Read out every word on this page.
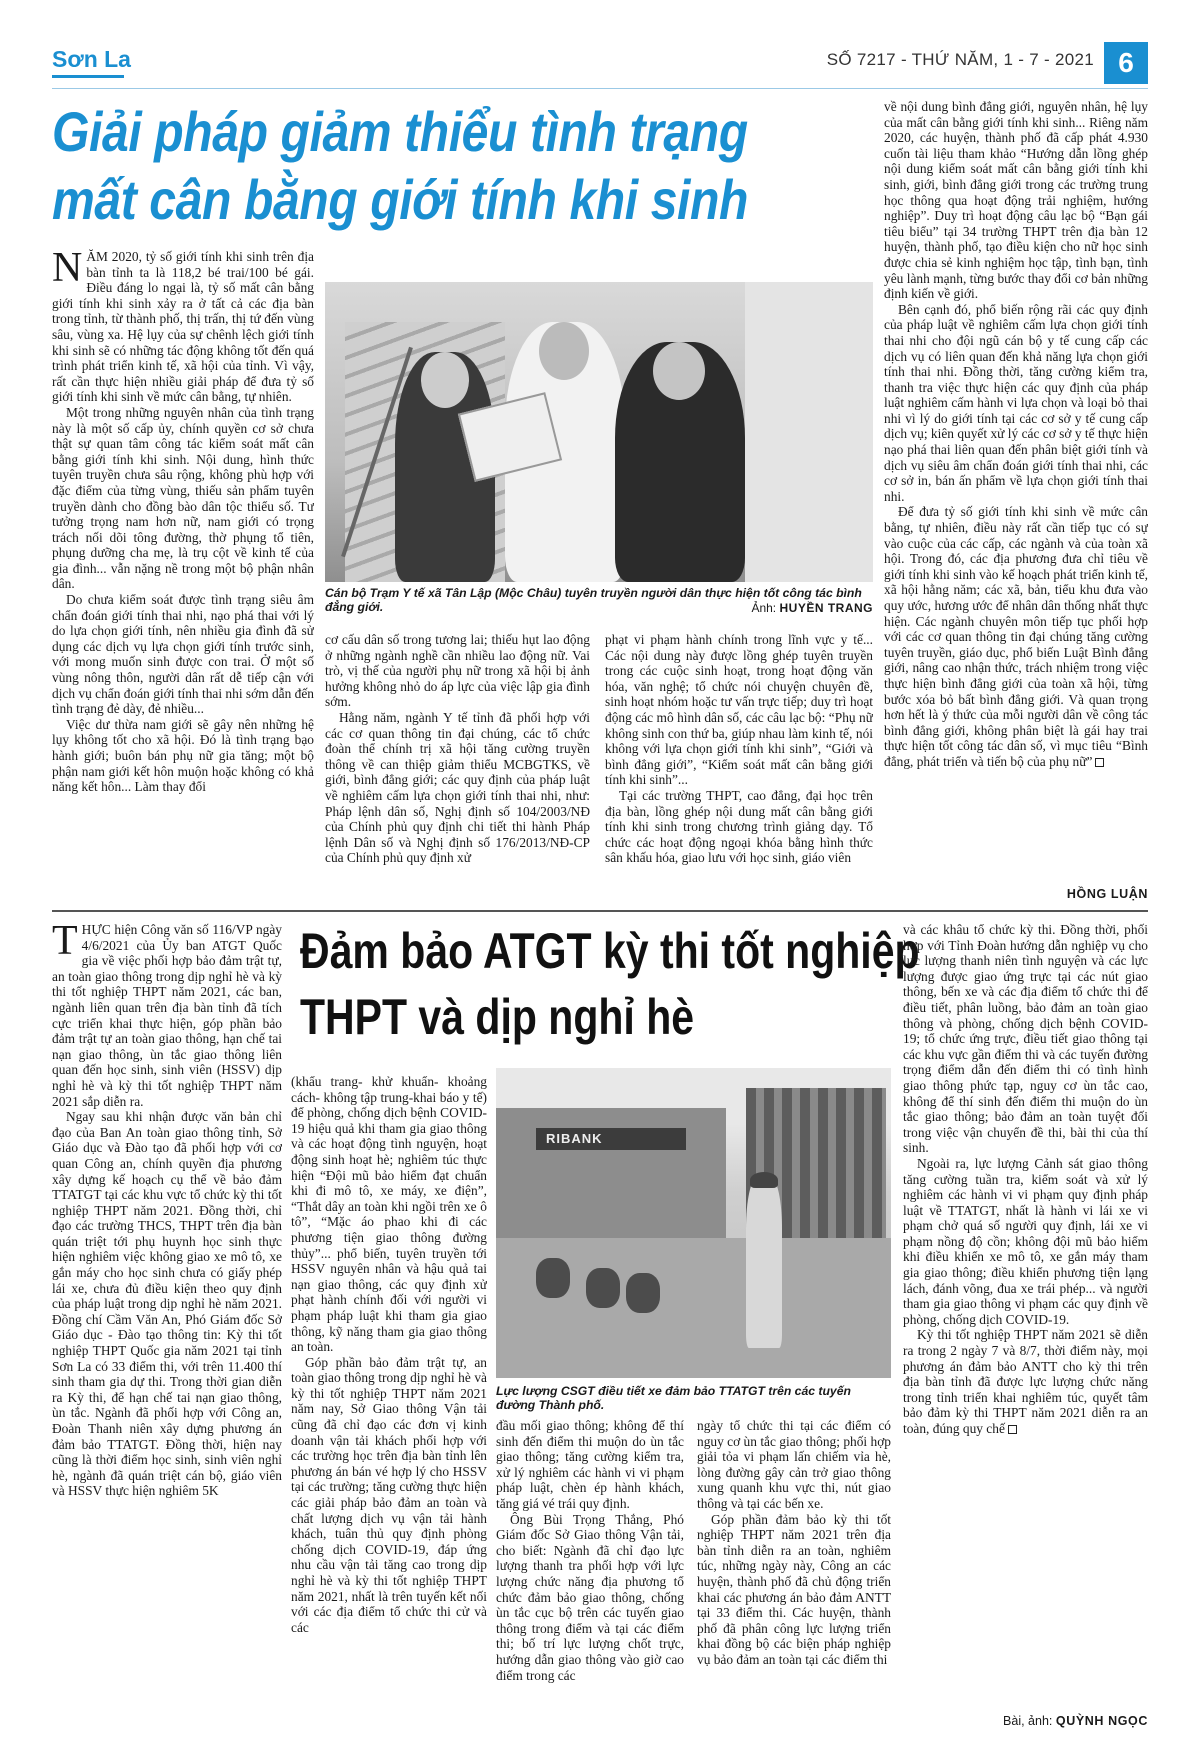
Sơn La	SỐ 7217 - THỨ NĂM, 1 - 7 - 2021 6
Giải pháp giảm thiểu tình trạng
mất cân bằng giới tính khi sinh

NĂM 2020, tỷ số giới tính khi sinh trên địa bàn tỉnh ta là 118,2 bé trai/100 bé gái. Điều đáng lo ngại là, tỷ số mất cân bằng giới tính khi sinh xảy ra ở tất cả các địa bàn trong tỉnh, từ thành phố, thị trấn, thị tứ đến vùng sâu, vùng xa. Hệ lụy của sự chênh lệch giới tính khi sinh sẽ có những tác động không tốt đến quá trình phát triển kinh tế, xã hội của tỉnh. Vì vậy, rất cần thực hiện nhiều giải pháp để đưa tỷ số giới tính khi sinh về mức cân bằng, tự nhiên.

Một trong những nguyên nhân của tình trạng này là một số cấp ủy, chính quyền cơ sở chưa thật sự quan tâm công tác kiểm soát mất cân bằng giới tính khi sinh. Nội dung, hình thức tuyên truyền chưa sâu rộng, không phù hợp với đặc điểm của từng vùng, thiếu sản phẩm tuyên truyền dành cho đồng bào dân tộc thiểu số. Tư tưởng trọng nam hơn nữ, nam giới có trọng trách nối dõi tông đường, thờ phụng tổ tiên, phụng dưỡng cha mẹ, là trụ cột về kinh tế của gia đình... vẫn nặng nề trong một bộ phận nhân dân.

Do chưa kiểm soát được tình trạng siêu âm chẩn đoán giới tính thai nhi, nạo phá thai với lý do lựa chọn giới tính, nên nhiều gia đình đã sử dụng các dịch vụ lựa chọn giới tính trước sinh, với mong muốn sinh được con trai. Ở một số vùng nông thôn, người dân rất dễ tiếp cận với dịch vụ chẩn đoán giới tính thai nhi sớm dẫn đến tình trạng đẻ dày, đẻ nhiều...

Việc dư thừa nam giới sẽ gây nên những hệ lụy không tốt cho xã hội. Đó là tình trạng bạo hành giới; buôn bán phụ nữ gia tăng; một bộ phận nam giới kết hôn muộn hoặc không có khả năng kết hôn... Làm thay đổi

Cán bộ Trạm Y tế xã Tân Lập (Mộc Châu) tuyên truyền người dân thực hiện tốt công tác bình đẳng giới.	Ảnh: HUYỀN TRANG

cơ cấu dân số trong tương lai; thiếu hụt lao động ở những ngành nghề cần nhiều lao động nữ. Vai trò, vị thế của người phụ nữ trong xã hội bị ảnh hưởng không nhỏ do áp lực của việc lập gia đình sớm.

Hằng năm, ngành Y tế tỉnh đã phối hợp với các cơ quan thông tin đại chúng, các tổ chức đoàn thể chính trị xã hội tăng cường truyền thông về can thiệp giảm thiểu MCBGTKS, về giới, bình đẳng giới; các quy định của pháp luật về nghiêm cấm lựa chọn giới tính thai nhi, như: Pháp lệnh dân số, Nghị định số 104/2003/NĐ của Chính phủ quy định chi tiết thi hành Pháp lệnh Dân số và Nghị định số 176/2013/NĐ-CP của Chính phủ quy định xử

phạt vi phạm hành chính trong lĩnh vực y tế... Các nội dung này được lồng ghép tuyên truyền trong các cuộc sinh hoạt, trong hoạt động văn hóa, văn nghệ; tổ chức nói chuyện chuyên đề, sinh hoạt nhóm hoặc tư vấn trực tiếp; duy trì hoạt động các mô hình dân số, các câu lạc bộ: “Phụ nữ không sinh con thứ ba, giúp nhau làm kinh tế, nói không với lựa chọn giới tính khi sinh”, “Giới và bình đẳng giới”, “Kiểm soát mất cân bằng giới tính khi sinh”...

Tại các trường THPT, cao đẳng, đại học trên địa bàn, lồng ghép nội dung mất cân bằng giới tính khi sinh trong chương trình giảng dạy. Tổ chức các hoạt động ngoại khóa bằng hình thức sân khấu hóa, giao lưu với học sinh, giáo viên

về nội dung bình đẳng giới, nguyên nhân, hệ lụy của mất cân bằng giới tính khi sinh... Riêng năm 2020, các huyện, thành phố đã cấp phát 4.930 cuốn tài liệu tham khảo “Hướng dẫn lồng ghép nội dung kiểm soát mất cân bằng giới tính khi sinh, giới, bình đẳng giới trong các trường trung học thông qua hoạt động trải nghiệm, hướng nghiệp”. Duy trì hoạt động câu lạc bộ “Bạn gái tiêu biểu” tại 34 trường THPT trên địa bàn 12 huyện, thành phố, tạo điều kiện cho nữ học sinh được chia sẻ kinh nghiệm học tập, tình bạn, tình yêu lành mạnh, từng bước thay đổi cơ bản những định kiến về giới.

Bên cạnh đó, phổ biến rộng rãi các quy định của pháp luật về nghiêm cấm lựa chọn giới tính thai nhi cho đội ngũ cán bộ y tế cung cấp các dịch vụ có liên quan đến khả năng lựa chọn giới tính thai nhi. Đồng thời, tăng cường kiểm tra, thanh tra việc thực hiện các quy định của pháp luật nghiêm cấm hành vi lựa chọn và loại bỏ thai nhi vì lý do giới tính tại các cơ sở y tế cung cấp dịch vụ; kiên quyết xử lý các cơ sở y tế thực hiện nạo phá thai liên quan đến phân biệt giới tính và dịch vụ siêu âm chẩn đoán giới tính thai nhi, các cơ sở in, bán ấn phẩm về lựa chọn giới tính thai nhi.

Để đưa tỷ số giới tính khi sinh về mức cân bằng, tự nhiên, điều này rất cần tiếp tục có sự vào cuộc của các cấp, các ngành và của toàn xã hội. Trong đó, các địa phương đưa chỉ tiêu về giới tính khi sinh vào kế hoạch phát triển kinh tế, xã hội hằng năm; các xã, bản, tiểu khu đưa vào quy ước, hương ước để nhân dân thống nhất thực hiện. Các ngành chuyên môn tiếp tục phối hợp với các cơ quan thông tin đại chúng tăng cường tuyên truyền, giáo dục, phổ biến Luật Bình đẳng giới, nâng cao nhận thức, trách nhiệm trong việc thực hiện bình đẳng giới của toàn xã hội, từng bước xóa bỏ bất bình đẳng giới. Và quan trọng hơn hết là ý thức của mỗi người dân về công tác bình đẳng giới, không phân biệt là gái hay trai thực hiện tốt công tác dân số, vì mục tiêu “Bình đẳng, phát triển và tiến bộ của phụ nữ”

HỒNG LUẬN
Đảm bảo ATGT kỳ thi tốt nghiệp
THPT và dịp nghỉ hè

THỰC hiện Công văn số 116/VP ngày 4/6/2021 của Ủy ban ATGT Quốc gia về việc phối hợp bảo đảm trật tự, an toàn giao thông trong dịp nghỉ hè và kỳ thi tốt nghiệp THPT năm 2021, các ban, ngành liên quan trên địa bàn tỉnh đã tích cực triển khai thực hiện, góp phần bảo đảm trật tự an toàn giao thông, hạn chế tai nạn giao thông, ùn tắc giao thông liên quan đến học sinh, sinh viên (HSSV) dịp nghỉ hè và kỳ thi tốt nghiệp THPT năm 2021 sắp diễn ra.

Ngay sau khi nhận được văn bản chỉ đạo của Ban An toàn giao thông tỉnh, Sở Giáo dục và Đào tạo đã phối hợp với cơ quan Công an, chính quyền địa phương xây dựng kế hoạch cụ thể về bảo đảm TTATGT tại các khu vực tổ chức kỳ thi tốt nghiệp THPT năm 2021. Đồng thời, chỉ đạo các trường THCS, THPT trên địa bàn quán triệt tới phụ huynh học sinh thực hiện nghiêm việc không giao xe mô tô, xe gắn máy cho học sinh chưa có giấy phép lái xe, chưa đủ điều kiện theo quy định của pháp luật trong dịp nghỉ hè năm 2021. Đồng chí Cầm Văn An, Phó Giám đốc Sở Giáo dục - Đào tạo thông tin: Kỳ thi tốt nghiệp THPT Quốc gia năm 2021 tại tỉnh Sơn La có 33 điểm thi, với trên 11.400 thí sinh tham gia dự thi. Trong thời gian diễn ra Kỳ thi, để hạn chế tai nạn giao thông, ùn tắc. Ngành đã phối hợp với Công an, Đoàn Thanh niên xây dựng phương án đảm bảo TTATGT. Đồng thời, hiện nay cũng là thời điểm học sinh, sinh viên nghỉ hè, ngành đã quán triệt cán bộ, giáo viên và HSSV thực hiện nghiêm 5K

(khẩu trang- khử khuẩn- khoảng cách- không tập trung-khai báo y tế) để phòng, chống dịch bệnh COVID-19 hiệu quả khi tham gia giao thông và các hoạt động tình nguyện, hoạt động sinh hoạt hè; nghiêm túc thực hiện “Đội mũ bảo hiểm đạt chuẩn khi đi mô tô, xe máy, xe điện”, “Thắt dây an toàn khi ngồi trên xe ô tô”, “Mặc áo phao khi đi các phương tiện giao thông đường thủy”... phổ biến, tuyên truyền tới HSSV nguyên nhân và hậu quả tai nạn giao thông, các quy định xử phạt hành chính đối với người vi phạm pháp luật khi tham gia giao thông, kỹ năng tham gia giao thông an toàn.

Góp phần bảo đảm trật tự, an toàn giao thông trong dịp nghỉ hè và kỳ thi tốt nghiệp THPT năm 2021 năm nay, Sở Giao thông Vận tải cũng đã chỉ đạo các đơn vị kinh doanh vận tải khách phối hợp với các trường học trên địa bàn tỉnh lên phương án bán vé hợp lý cho HSSV tại các trường; tăng cường thực hiện các giải pháp bảo đảm an toàn và chất lượng dịch vụ vận tải hành khách, tuân thủ quy định phòng chống dịch COVID-19, đáp ứng nhu cầu vận tải tăng cao trong dịp nghỉ hè và kỳ thi tốt nghiệp THPT năm 2021, nhất là trên tuyến kết nối với các địa điểm tổ chức thi cử và các

RIBANK
Lực lượng CSGT điều tiết xe đảm bảo TTATGT trên các tuyến đường Thành phố.

đầu mối giao thông; không để thí sinh đến điểm thi muộn do ùn tắc giao thông; tăng cường kiểm tra, xử lý nghiêm các hành vi vi phạm pháp luật, chèn ép hành khách, tăng giá vé trái quy định.

Ông Bùi Trọng Thắng, Phó Giám đốc Sở Giao thông Vận tải, cho biết: Ngành đã chỉ đạo lực lượng thanh tra phối hợp với lực lượng chức năng địa phương tổ chức đảm bảo giao thông, chống ùn tắc cục bộ trên các tuyến giao thông trong điểm và tại các điểm thi; bố trí lực lượng chốt trực, hướng dẫn giao thông vào giờ cao điểm trong các

ngày tổ chức thi tại các điểm có nguy cơ ùn tắc giao thông; phối hợp giải tỏa vi phạm lấn chiếm vỉa hè, lòng đường gây cản trở giao thông xung quanh khu vực thi, nút giao thông và tại các bến xe.

Góp phần đảm bảo kỳ thi tốt nghiệp THPT năm 2021 trên địa bàn tỉnh diễn ra an toàn, nghiêm túc, những ngày này, Công an các huyện, thành phố đã chủ động triển khai các phương án bảo đảm ANTT tại 33 điểm thi. Các huyện, thành phố đã phân công lực lượng triển khai đồng bộ các biện pháp nghiệp vụ bảo đảm an toàn tại các điểm thi

và các khâu tổ chức kỳ thi. Đồng thời, phối hợp với Tỉnh Đoàn hướng dẫn nghiệp vụ cho lực lượng thanh niên tình nguyện và các lực lượng được giao ứng trực tại các nút giao thông, bến xe và các địa điểm tổ chức thi để điều tiết, phân luồng, bảo đảm an toàn giao thông và phòng, chống dịch bệnh COVID-19; tổ chức ứng trực, điều tiết giao thông tại các khu vực gần điểm thi và các tuyến đường trọng điểm dẫn đến điểm thi có tình hình giao thông phức tạp, nguy cơ ùn tắc cao, không để thí sinh đến điểm thi muộn do ùn tắc giao thông; bảo đảm an toàn tuyệt đối trong việc vận chuyển đề thi, bài thi của thí sinh.

Ngoài ra, lực lượng Cảnh sát giao thông tăng cường tuần tra, kiểm soát và xử lý nghiêm các hành vi vi phạm quy định pháp luật về TTATGT, nhất là hành vi lái xe vi phạm chở quá số người quy định, lái xe vi phạm nồng độ cồn; không đội mũ bảo hiểm khi điều khiển xe mô tô, xe gắn máy tham gia giao thông; điều khiển phương tiện lạng lách, đánh võng, đua xe trái phép... và người tham gia giao thông vi phạm các quy định về phòng, chống dịch COVID-19.

Kỳ thi tốt nghiệp THPT năm 2021 sẽ diễn ra trong 2 ngày 7 và 8/7, thời điểm này, mọi phương án đảm bảo ANTT cho kỳ thi trên địa bàn tỉnh đã được lực lượng chức năng trong tỉnh triển khai nghiêm túc, quyết tâm bảo đảm kỳ thi THPT năm 2021 diễn ra an toàn, đúng quy chế

Bài, ảnh: QUỲNH NGỌC
